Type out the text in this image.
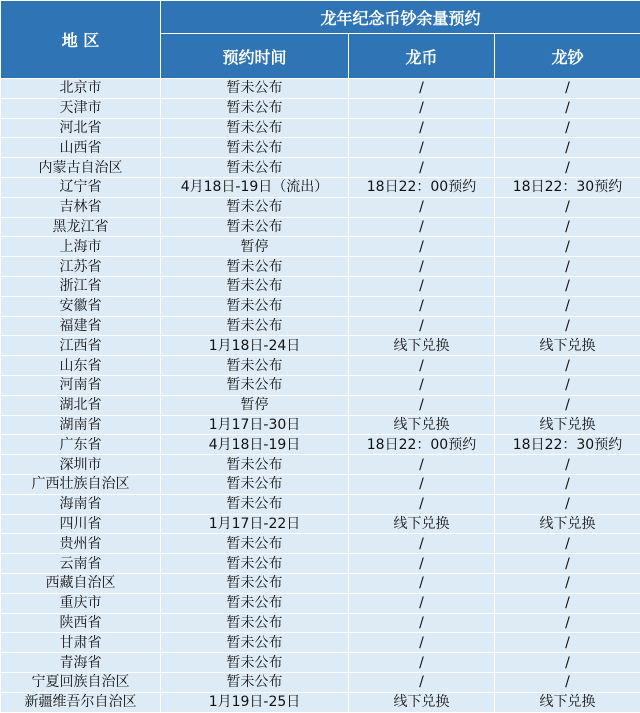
地 区	龙年纪念币钞余量预约		
	预约时间	龙币	龙钞
北京市	暂未公布	/	/
天津市	暂未公布	/	/
河北省	暂未公布	/	/
山西省	暂未公布	/	/
内蒙古自治区	暂未公布	/	/
辽宁省	4月18日-19日（流出）	18日22：00预约	18日22：30预约
吉林省	暂未公布	/	/
黑龙江省	暂未公布	/	/
上海市	暂停	/	/
江苏省	暂未公布	/	/
浙江省	暂未公布	/	/
安徽省	暂未公布	/	/
福建省	暂未公布	/	/
江西省	1月18日-24日	线下兑换	线下兑换
山东省	暂未公布	/	/
河南省	暂未公布	/	/
湖北省	暂停	/	/
湖南省	1月17日-30日	线下兑换	线下兑换
广东省	4月18日-19日	18日22：00预约	18日22：30预约
深圳市	暂未公布	/	/
广西壮族自治区	暂未公布	/	/
海南省	暂未公布	/	/
四川省	1月17日-22日	线下兑换	线下兑换
贵州省	暂未公布	/	/
云南省	暂未公布	/	/
西藏自治区	暂未公布	/	/
重庆市	暂未公布	/	/
陕西省	暂未公布	/	/
甘肃省	暂未公布	/	/
青海省	暂未公布	/	/
宁夏回族自治区	暂未公布	/	/
新疆维吾尔自治区	1月19日-25日	线下兑换	线下兑换
